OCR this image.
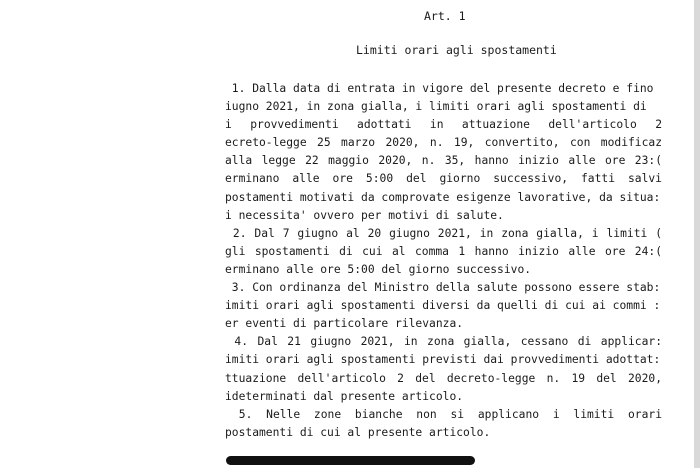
Art. 1
Limiti orari agli spostamenti
1. Dalla data di entrata in vigore del presente decreto e fino
iugno 2021, in zona gialla, i limiti orari agli spostamenti di
i provvedimenti adottati in attuazione dell'articolo 2
ecreto-legge 25 marzo 2020, n. 19, convertito, con modificaz
alla legge 22 maggio 2020, n. 35, hanno inizio alle ore 23:(
erminano alle ore 5:00 del giorno successivo, fatti salvi
postamenti motivati da comprovate esigenze lavorative, da situa:
i necessita' ovvero per motivi di salute.
2. Dal 7 giugno al 20 giugno 2021, in zona gialla, i limiti (
gli spostamenti di cui al comma 1 hanno inizio alle ore 24:(
erminano alle ore 5:00 del giorno successivo.
3. Con ordinanza del Ministro della salute possono essere stab:
imiti orari agli spostamenti diversi da quelli di cui ai commi :
er eventi di particolare rilevanza.
4. Dal 21 giugno 2021, in zona gialla, cessano di applicar:
imiti orari agli spostamenti previsti dai provvedimenti adottat:
ttuazione dell'articolo 2 del decreto-legge n. 19 del 2020,
ideterminati dal presente articolo.
5. Nelle zone bianche non si applicano i limiti orari
postamenti di cui al presente articolo.
